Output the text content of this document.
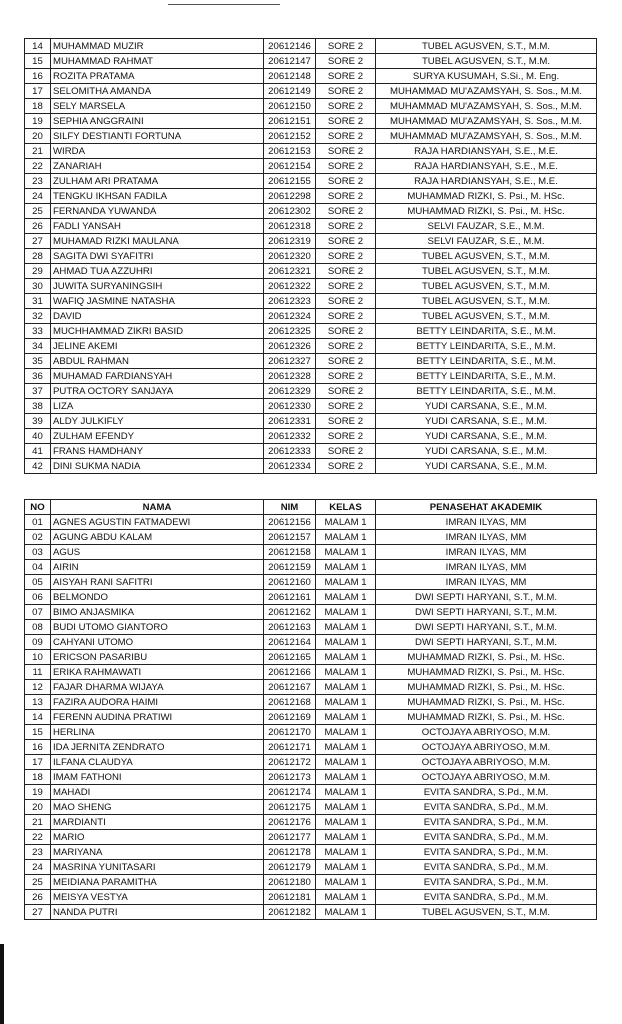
14	MUHAMMAD MUZIR	20612146	SORE 2	TUBEL AGUSVEN, S.T., M.M.
15	MUHAMMAD RAHMAT	20612147	SORE 2	TUBEL AGUSVEN, S.T., M.M.
16	ROZITA PRATAMA	20612148	SORE 2	SURYA KUSUMAH, S.Si., M. Eng.
17	SELOMITHA AMANDA	20612149	SORE 2	MUHAMMAD MU'AZAMSYAH, S. Sos., M.M.
18	SELY MARSELA	20612150	SORE 2	MUHAMMAD MU'AZAMSYAH, S. Sos., M.M.
19	SEPHIA ANGGRAINI	20612151	SORE 2	MUHAMMAD MU'AZAMSYAH, S. Sos., M.M.
20	SILFY DESTIANTI FORTUNA	20612152	SORE 2	MUHAMMAD MU'AZAMSYAH, S. Sos., M.M.
21	WIRDA	20612153	SORE 2	RAJA HARDIANSYAH, S.E., M.E.
22	ZANARIAH	20612154	SORE 2	RAJA HARDIANSYAH, S.E., M.E.
23	ZULHAM ARI PRATAMA	20612155	SORE 2	RAJA HARDIANSYAH, S.E., M.E.
24	TENGKU IKHSAN FADILA	20612298	SORE 2	MUHAMMAD RIZKI, S. Psi., M. HSc.
25	FERNANDA YUWANDA	20612302	SORE 2	MUHAMMAD RIZKI, S. Psi., M. HSc.
26	FADLI YANSAH	20612318	SORE 2	SELVI FAUZAR, S.E., M.M.
27	MUHAMAD RIZKI MAULANA	20612319	SORE 2	SELVI FAUZAR, S.E., M.M.
28	SAGITA DWI SYAFITRI	20612320	SORE 2	TUBEL AGUSVEN, S.T., M.M.
29	AHMAD TUA AZZUHRI	20612321	SORE 2	TUBEL AGUSVEN, S.T., M.M.
30	JUWITA SURYANINGSIH	20612322	SORE 2	TUBEL AGUSVEN, S.T., M.M.
31	WAFIQ JASMINE NATASHA	20612323	SORE 2	TUBEL AGUSVEN, S.T., M.M.
32	DAVID	20612324	SORE 2	TUBEL AGUSVEN, S.T., M.M.
33	MUCHHAMMAD ZIKRI BASID	20612325	SORE 2	BETTY LEINDARITA, S.E., M.M.
34	JELINE AKEMI	20612326	SORE 2	BETTY LEINDARITA, S.E., M.M.
35	ABDUL RAHMAN	20612327	SORE 2	BETTY LEINDARITA, S.E., M.M.
36	MUHAMAD FARDIANSYAH	20612328	SORE 2	BETTY LEINDARITA, S.E., M.M.
37	PUTRA OCTORY SANJAYA	20612329	SORE 2	BETTY LEINDARITA, S.E., M.M.
38	LIZA	20612330	SORE 2	YUDI CARSANA, S.E., M.M.
39	ALDY JULKIFLY	20612331	SORE 2	YUDI CARSANA, S.E., M.M.
40	ZULHAM EFENDY	20612332	SORE 2	YUDI CARSANA, S.E., M.M.
41	FRANS HAMDHANY	20612333	SORE 2	YUDI CARSANA, S.E., M.M.
42	DINI SUKMA NADIA	20612334	SORE 2	YUDI CARSANA, S.E., M.M.
NO	NAMA	NIM	KELAS	PENASEHAT AKADEMIK
01	AGNES AGUSTIN FATMADEWI	20612156	MALAM 1	IMRAN ILYAS, MM
02	AGUNG ABDU KALAM	20612157	MALAM 1	IMRAN ILYAS, MM
03	AGUS	20612158	MALAM 1	IMRAN ILYAS, MM
04	AIRIN	20612159	MALAM 1	IMRAN ILYAS, MM
05	AISYAH RANI SAFITRI	20612160	MALAM 1	IMRAN ILYAS, MM
06	BELMONDO	20612161	MALAM 1	DWI SEPTI HARYANI, S.T., M.M.
07	BIMO ANJASMIKA	20612162	MALAM 1	DWI SEPTI HARYANI, S.T., M.M.
08	BUDI UTOMO GIANTORO	20612163	MALAM 1	DWI SEPTI HARYANI, S.T., M.M.
09	CAHYANI UTOMO	20612164	MALAM 1	DWI SEPTI HARYANI, S.T., M.M.
10	ERICSON PASARIBU	20612165	MALAM 1	MUHAMMAD RIZKI, S. Psi., M. HSc.
11	ERIKA RAHMAWATI	20612166	MALAM 1	MUHAMMAD RIZKI, S. Psi., M. HSc.
12	FAJAR DHARMA WIJAYA	20612167	MALAM 1	MUHAMMAD RIZKI, S. Psi., M. HSc.
13	FAZIRA AUDORA HAIMI	20612168	MALAM 1	MUHAMMAD RIZKI, S. Psi., M. HSc.
14	FERENN AUDINA PRATIWI	20612169	MALAM 1	MUHAMMAD RIZKI, S. Psi., M. HSc.
15	HERLINA	20612170	MALAM 1	OCTOJAYA ABRIYOSO, M.M.
16	IDA JERNITA ZENDRATO	20612171	MALAM 1	OCTOJAYA ABRIYOSO, M.M.
17	ILFANA CLAUDYA	20612172	MALAM 1	OCTOJAYA ABRIYOSO, M.M.
18	IMAM FATHONI	20612173	MALAM 1	OCTOJAYA ABRIYOSO, M.M.
19	MAHADI	20612174	MALAM 1	EVITA SANDRA, S.Pd., M.M.
20	MAO SHENG	20612175	MALAM 1	EVITA SANDRA, S.Pd., M.M.
21	MARDIANTI	20612176	MALAM 1	EVITA SANDRA, S.Pd., M.M.
22	MARIO	20612177	MALAM 1	EVITA SANDRA, S.Pd., M.M.
23	MARIYANA	20612178	MALAM 1	EVITA SANDRA, S.Pd., M.M.
24	MASRINA YUNITASARI	20612179	MALAM 1	EVITA SANDRA, S.Pd., M.M.
25	MEIDIANA PARAMITHA	20612180	MALAM 1	EVITA SANDRA, S.Pd., M.M.
26	MEISYA VESTYA	20612181	MALAM 1	EVITA SANDRA, S.Pd., M.M.
27	NANDA PUTRI	20612182	MALAM 1	TUBEL AGUSVEN, S.T., M.M.
